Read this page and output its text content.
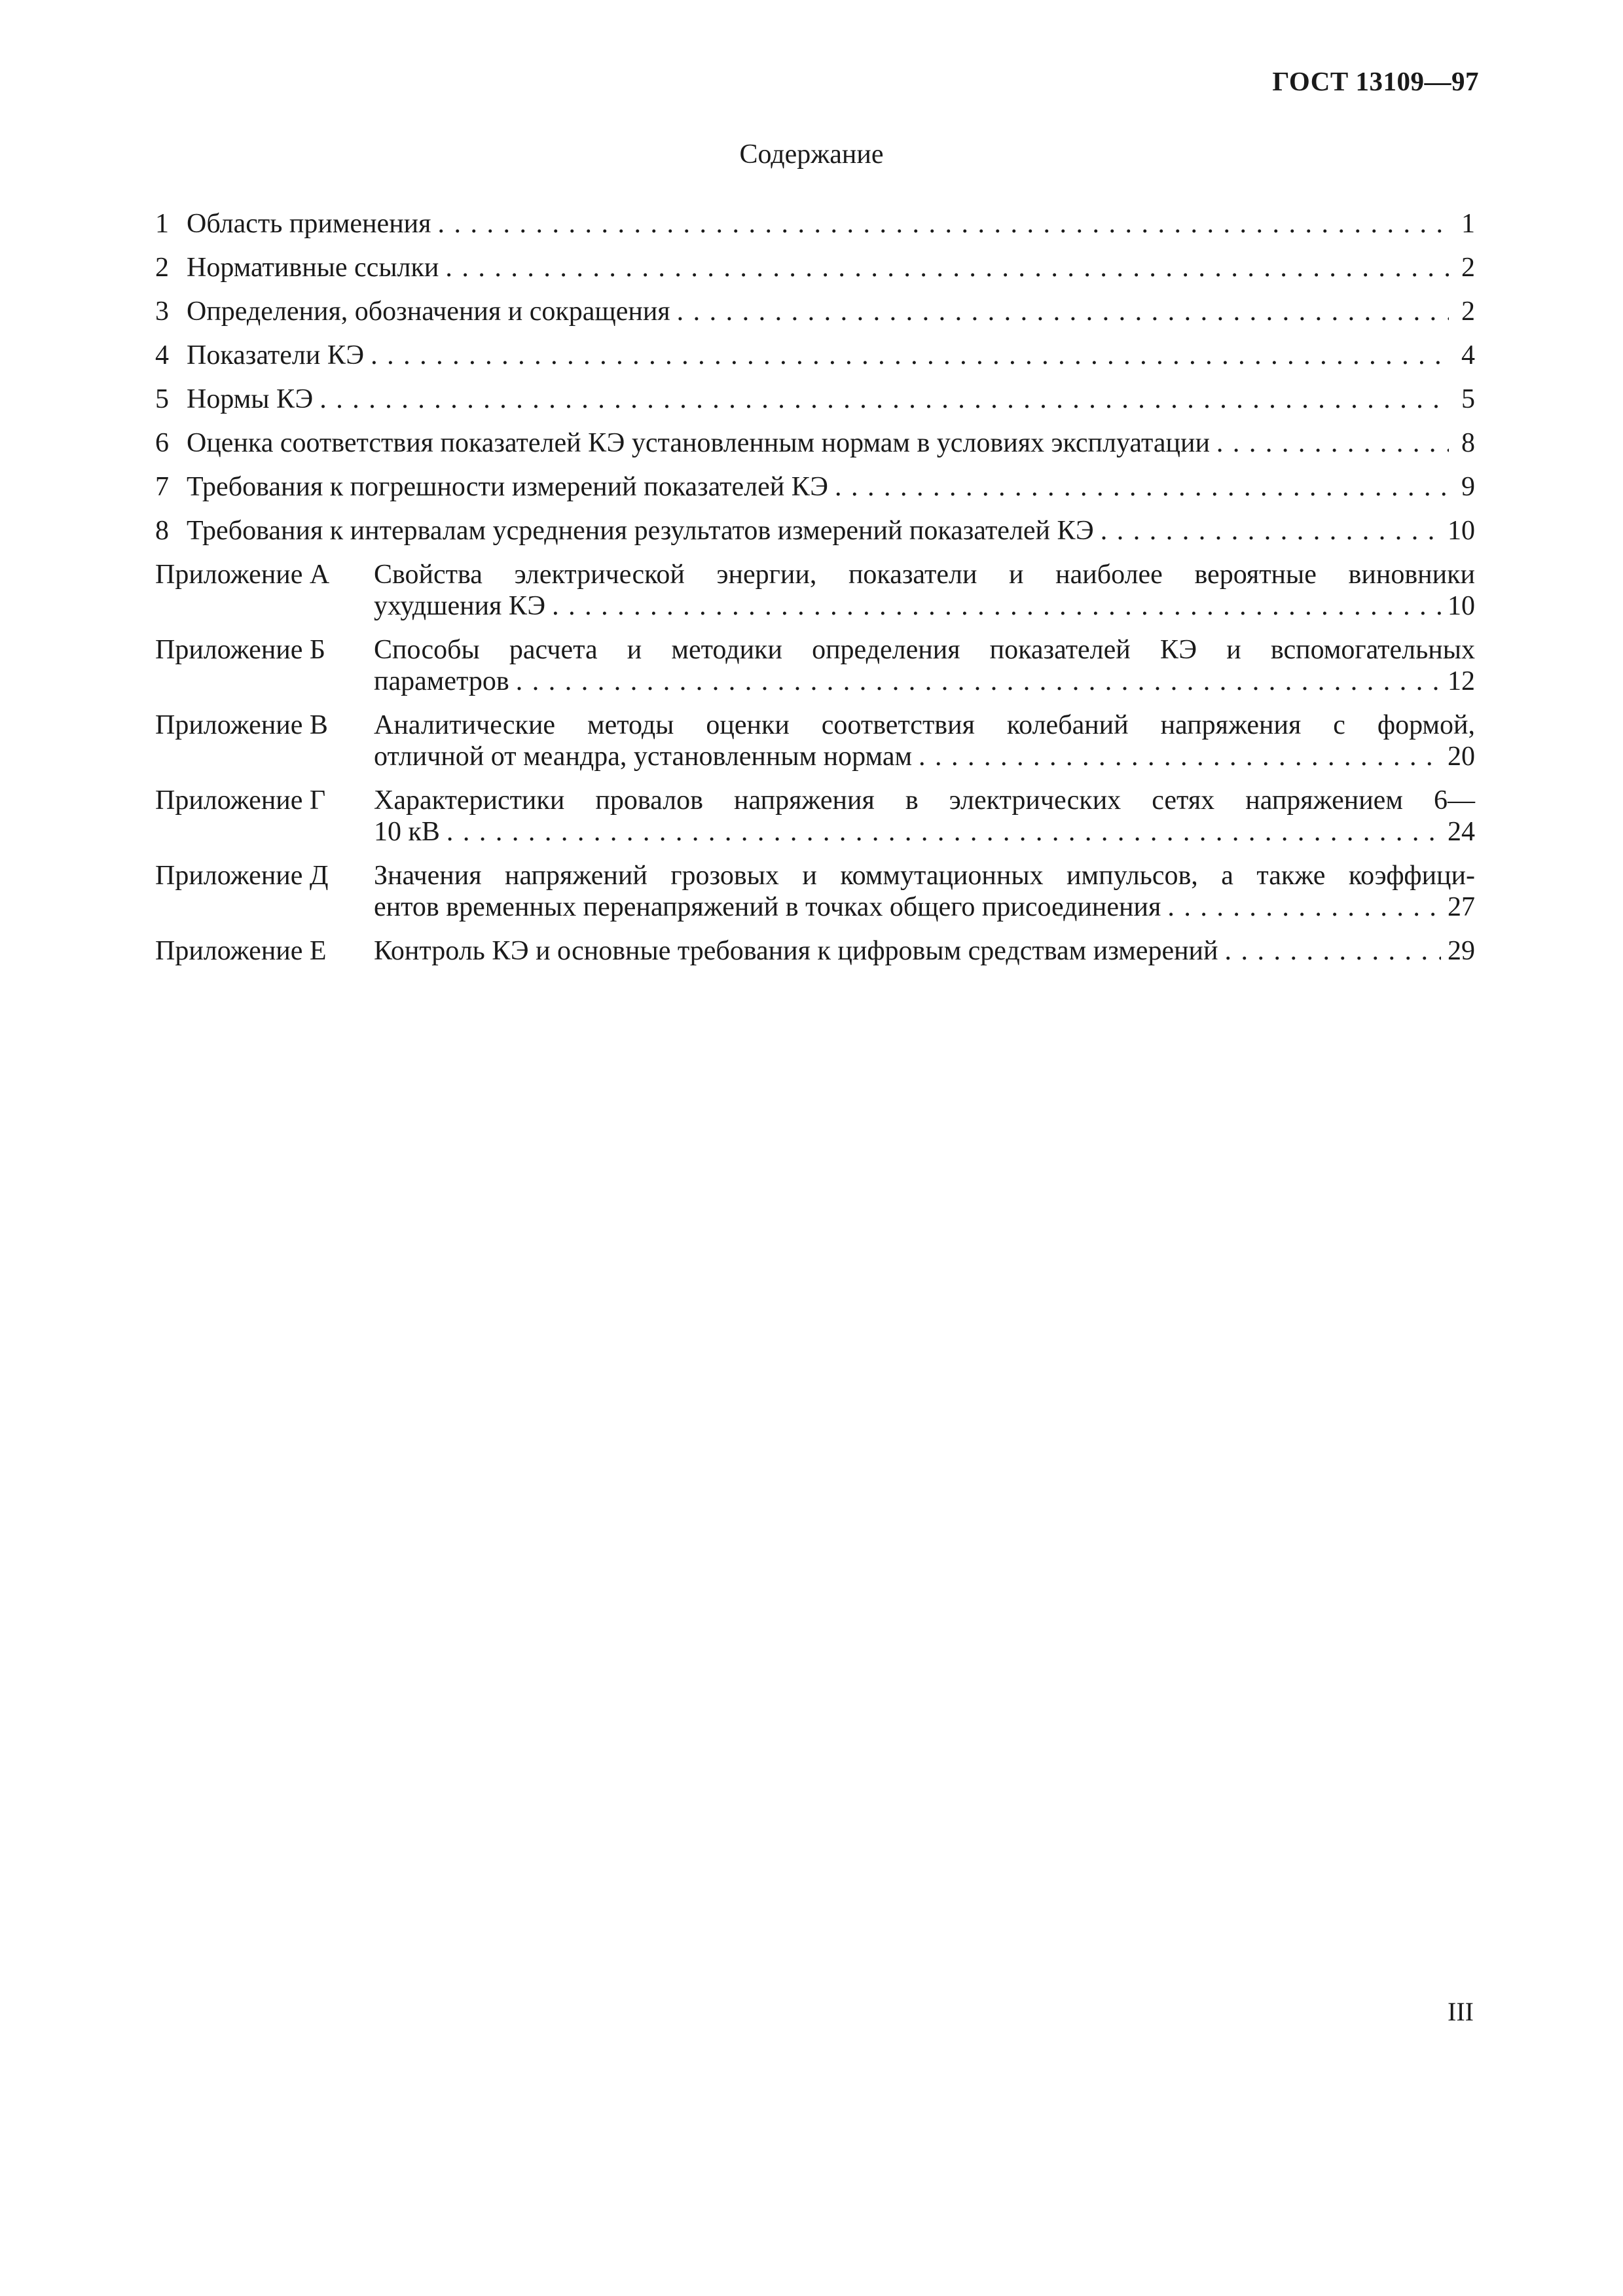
ГОСТ 13109—97
Содержание
1 Область применения . . .	1
2 Нормативные ссылки . . .	2
3 Определения, обозначения и сокращения . . .	2
4 Показатели КЭ . . .	4
5 Нормы КЭ . . .	5
6 Оценка соответствия показателей КЭ установленным нормам в условиях эксплуатации . . .	8
7 Требования к погрешности измерений показателей КЭ . . .	9
8 Требования к интервалам усреднения результатов измерений показателей КЭ . . .	10
Приложение А	Свойства электрической энергии, показатели и наиболее вероятные виновники
ухудшения КЭ . . .	10
Приложение Б	Способы расчета и методики определения показателей КЭ и вспомогательных
параметров . . .	12
Приложение В	Аналитические методы оценки соответствия колебаний напряжения с формой,
отличной от меандра, установленным нормам . . .	20
Приложение Г	Характеристики провалов напряжения в электрических сетях напряжением 6—
10 кВ . . .	24
Приложение Д	Значения напряжений грозовых и коммутационных импульсов, а также коэффици-
ентов временных перенапряжений в точках общего присоединения . . .	27
Приложение Е	Контроль КЭ и основные требования к цифровым средствам измерений . . .	29
III
